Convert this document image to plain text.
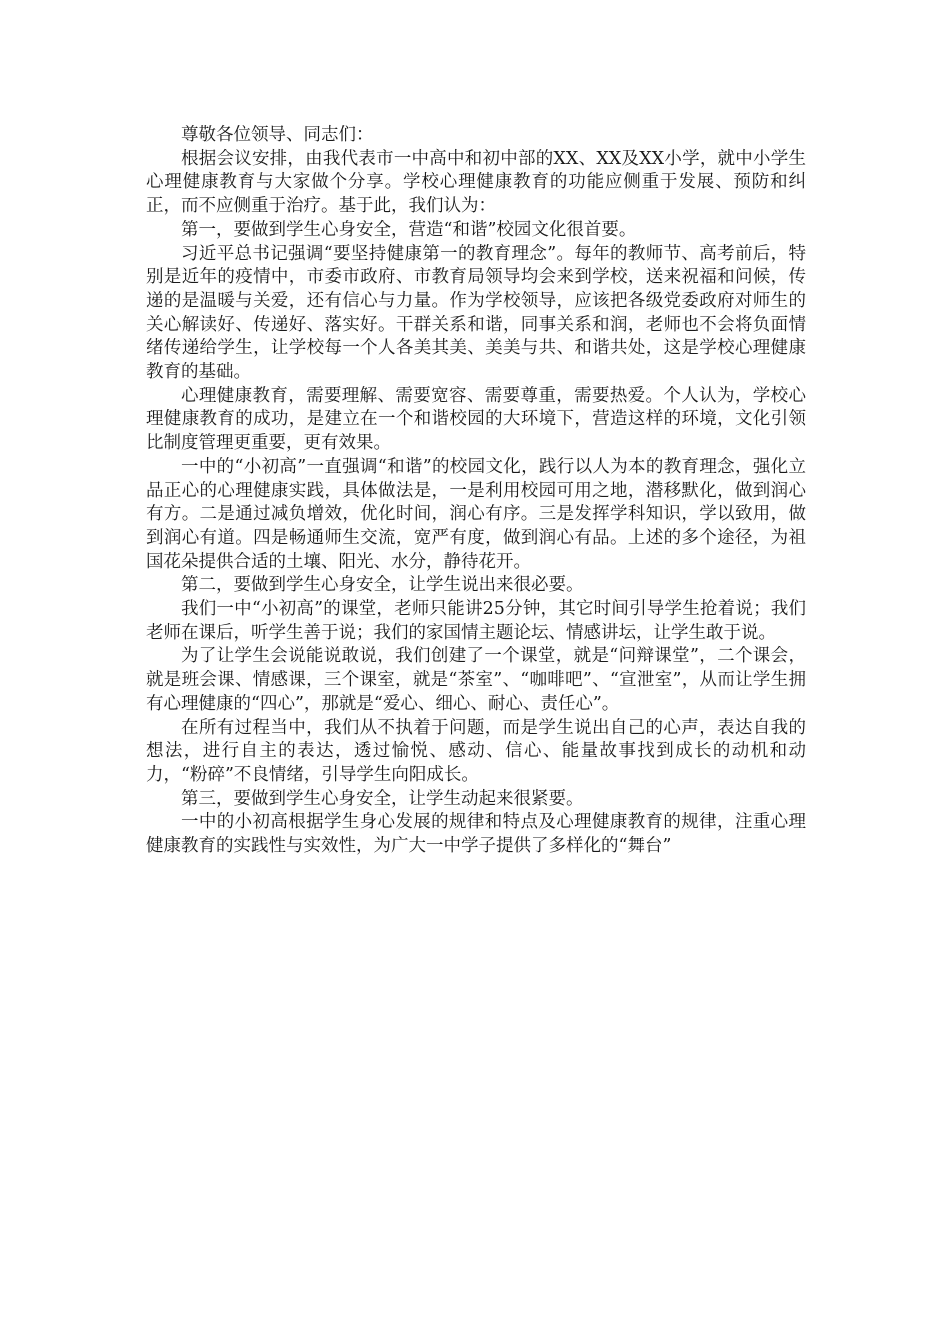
尊敬各位领导、同志们：

根据会议安排，由我代表市一中高中和初中部的XX、XX及XX小学，就中小学生心理健康教育与大家做个分享。学校心理健康教育的功能应侧重于发展、预防和纠正，而不应侧重于治疗。基于此，我们认为：

第一，要做到学生心身安全，营造“和谐”校园文化很首要。

习近平总书记强调“要坚持健康第一的教育理念”。每年的教师节、高考前后，特别是近年的疫情中，市委市政府、市教育局领导均会来到学校，送来祝福和问候，传递的是温暖与关爱，还有信心与力量。作为学校领导，应该把各级党委政府对师生的关心解读好、传递好、落实好。干群关系和谐，同事关系和润，老师也不会将负面情绪传递给学生，让学校每一个人各美其美、美美与共、和谐共处，这是学校心理健康教育的基础。

心理健康教育，需要理解、需要宽容、需要尊重，需要热爱。个人认为，学校心理健康教育的成功，是建立在一个和谐校园的大环境下，营造这样的环境，文化引领比制度管理更重要，更有效果。

一中的“小初高”一直强调“和谐”的校园文化，践行以人为本的教育理念，强化立品正心的心理健康实践，具体做法是，一是利用校园可用之地，潜移默化，做到润心有方。二是通过减负增效，优化时间，润心有序。三是发挥学科知识，学以致用，做到润心有道。四是畅通师生交流，宽严有度，做到润心有品。上述的多个途径，为祖国花朵提供合适的土壤、阳光、水分，静待花开。

第二，要做到学生心身安全，让学生说出来很必要。

我们一中“小初高”的课堂，老师只能讲25分钟，其它时间引导学生抢着说；我们老师在课后，听学生善于说；我们的家国情主题论坛、情感讲坛，让学生敢于说。

为了让学生会说能说敢说，我们创建了一个课堂，就是“问辩课堂”，二个课会，就是班会课、情感课，三个课室，就是“茶室”、“咖啡吧”、“宣泄室”，从而让学生拥有心理健康的“四心”，那就是“爱心、细心、耐心、责任心”。

在所有过程当中，我们从不执着于问题，而是学生说出自己的心声，表达自我的想法，进行自主的表达，透过愉悦、感动、信心、能量故事找到成长的动机和动力，“粉碎”不良情绪，引导学生向阳成长。

第三，要做到学生心身安全，让学生动起来很紧要。

一中的小初高根据学生身心发展的规律和特点及心理健康教育的规律，注重心理健康教育的实践性与实效性，为广大一中学子提供了多样化的“舞台”
